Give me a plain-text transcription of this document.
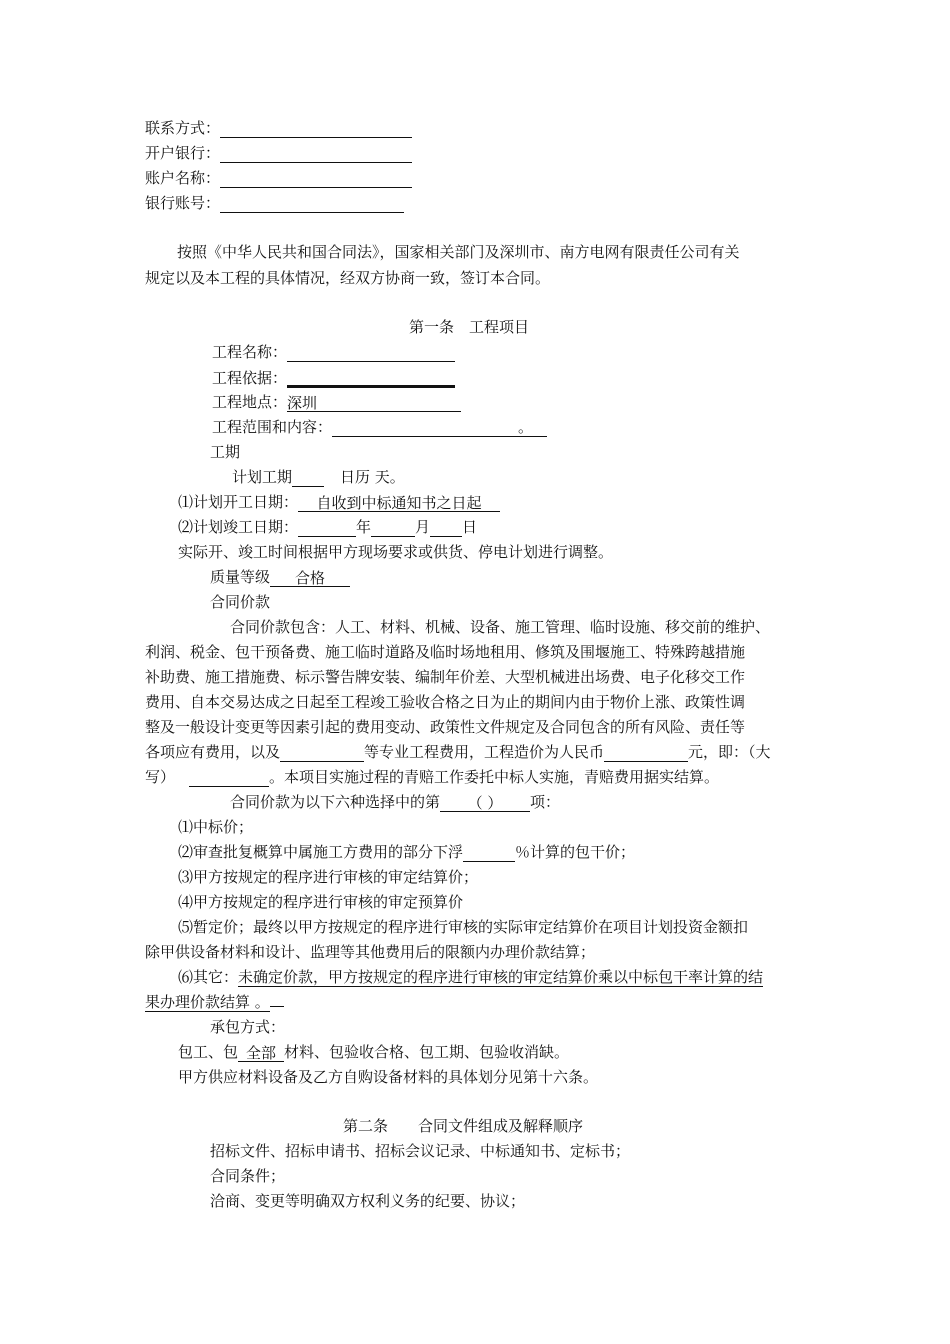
联系方式：
开户银行：
账户名称：
银行账号：
按照《中华人民共和国合同法》，国家相关部门及深圳市、南方电网有限责任公司有关
规定以及本工程的具体情况，经双方协商一致，签订本合同。
第一条　工程项目
工程名称：
工程依据：
工程地点：深圳
工程范围和内容：	。
工期
计划工期	日历 天。
⑴计划开工日期： 自收到中标通知书之日起
⑵计划竣工日期：	年	月 日
实际开、竣工时间根据甲方现场要求或供货、停电计划进行调整。
质量等级 合格
合同价款
合同价款包含：人工、材料、机械、设备、施工管理、临时设施、移交前的维护、
利润、税金、包干预备费、施工临时道路及临时场地租用、修筑及围堰施工、特殊跨越措施
补助费、施工措施费、标示警告牌安装、编制年价差、大型机械进出场费、电子化移交工作
费用、自本交易达成之日起至工程竣工验收合格之日为止的期间内由于物价上涨、政策性调
整及一般设计变更等因素引起的费用变动、政策性文件规定及合同包含的所有风险、责任等
各项应有费用，以及	等专业工程费用，工程造价为人民币	元，即：（大
写）	。本项目实施过程的青赔工作委托中标人实施，青赔费用据实结算。
合同价款为以下六种选择中的第 （ ） 项：
⑴中标价；
⑵审查批复概算中属施工方费用的部分下浮	％计算的包干价；
⑶甲方按规定的程序进行审核的审定结算价；
⑷甲方按规定的程序进行审核的审定预算价
⑸暂定价；最终以甲方按规定的程序进行审核的实际审定结算价在项目计划投资金额扣
除甲供设备材料和设计、监理等其他费用后的限额内办理价款结算；
⑹其它：未确定价款，甲方按规定的程序进行审核的审定结算价乘以中标包干率计算的结
果办理价款结算 。
承包方式：
包工、包 全部 材料、包验收合格、包工期、包验收消缺。
甲方供应材料设备及乙方自购设备材料的具体划分见第十六条。
第二条　　合同文件组成及解释顺序
招标文件、招标申请书、招标会议记录、中标通知书、定标书；
合同条件；
洽商、变更等明确双方权利义务的纪要、协议；
